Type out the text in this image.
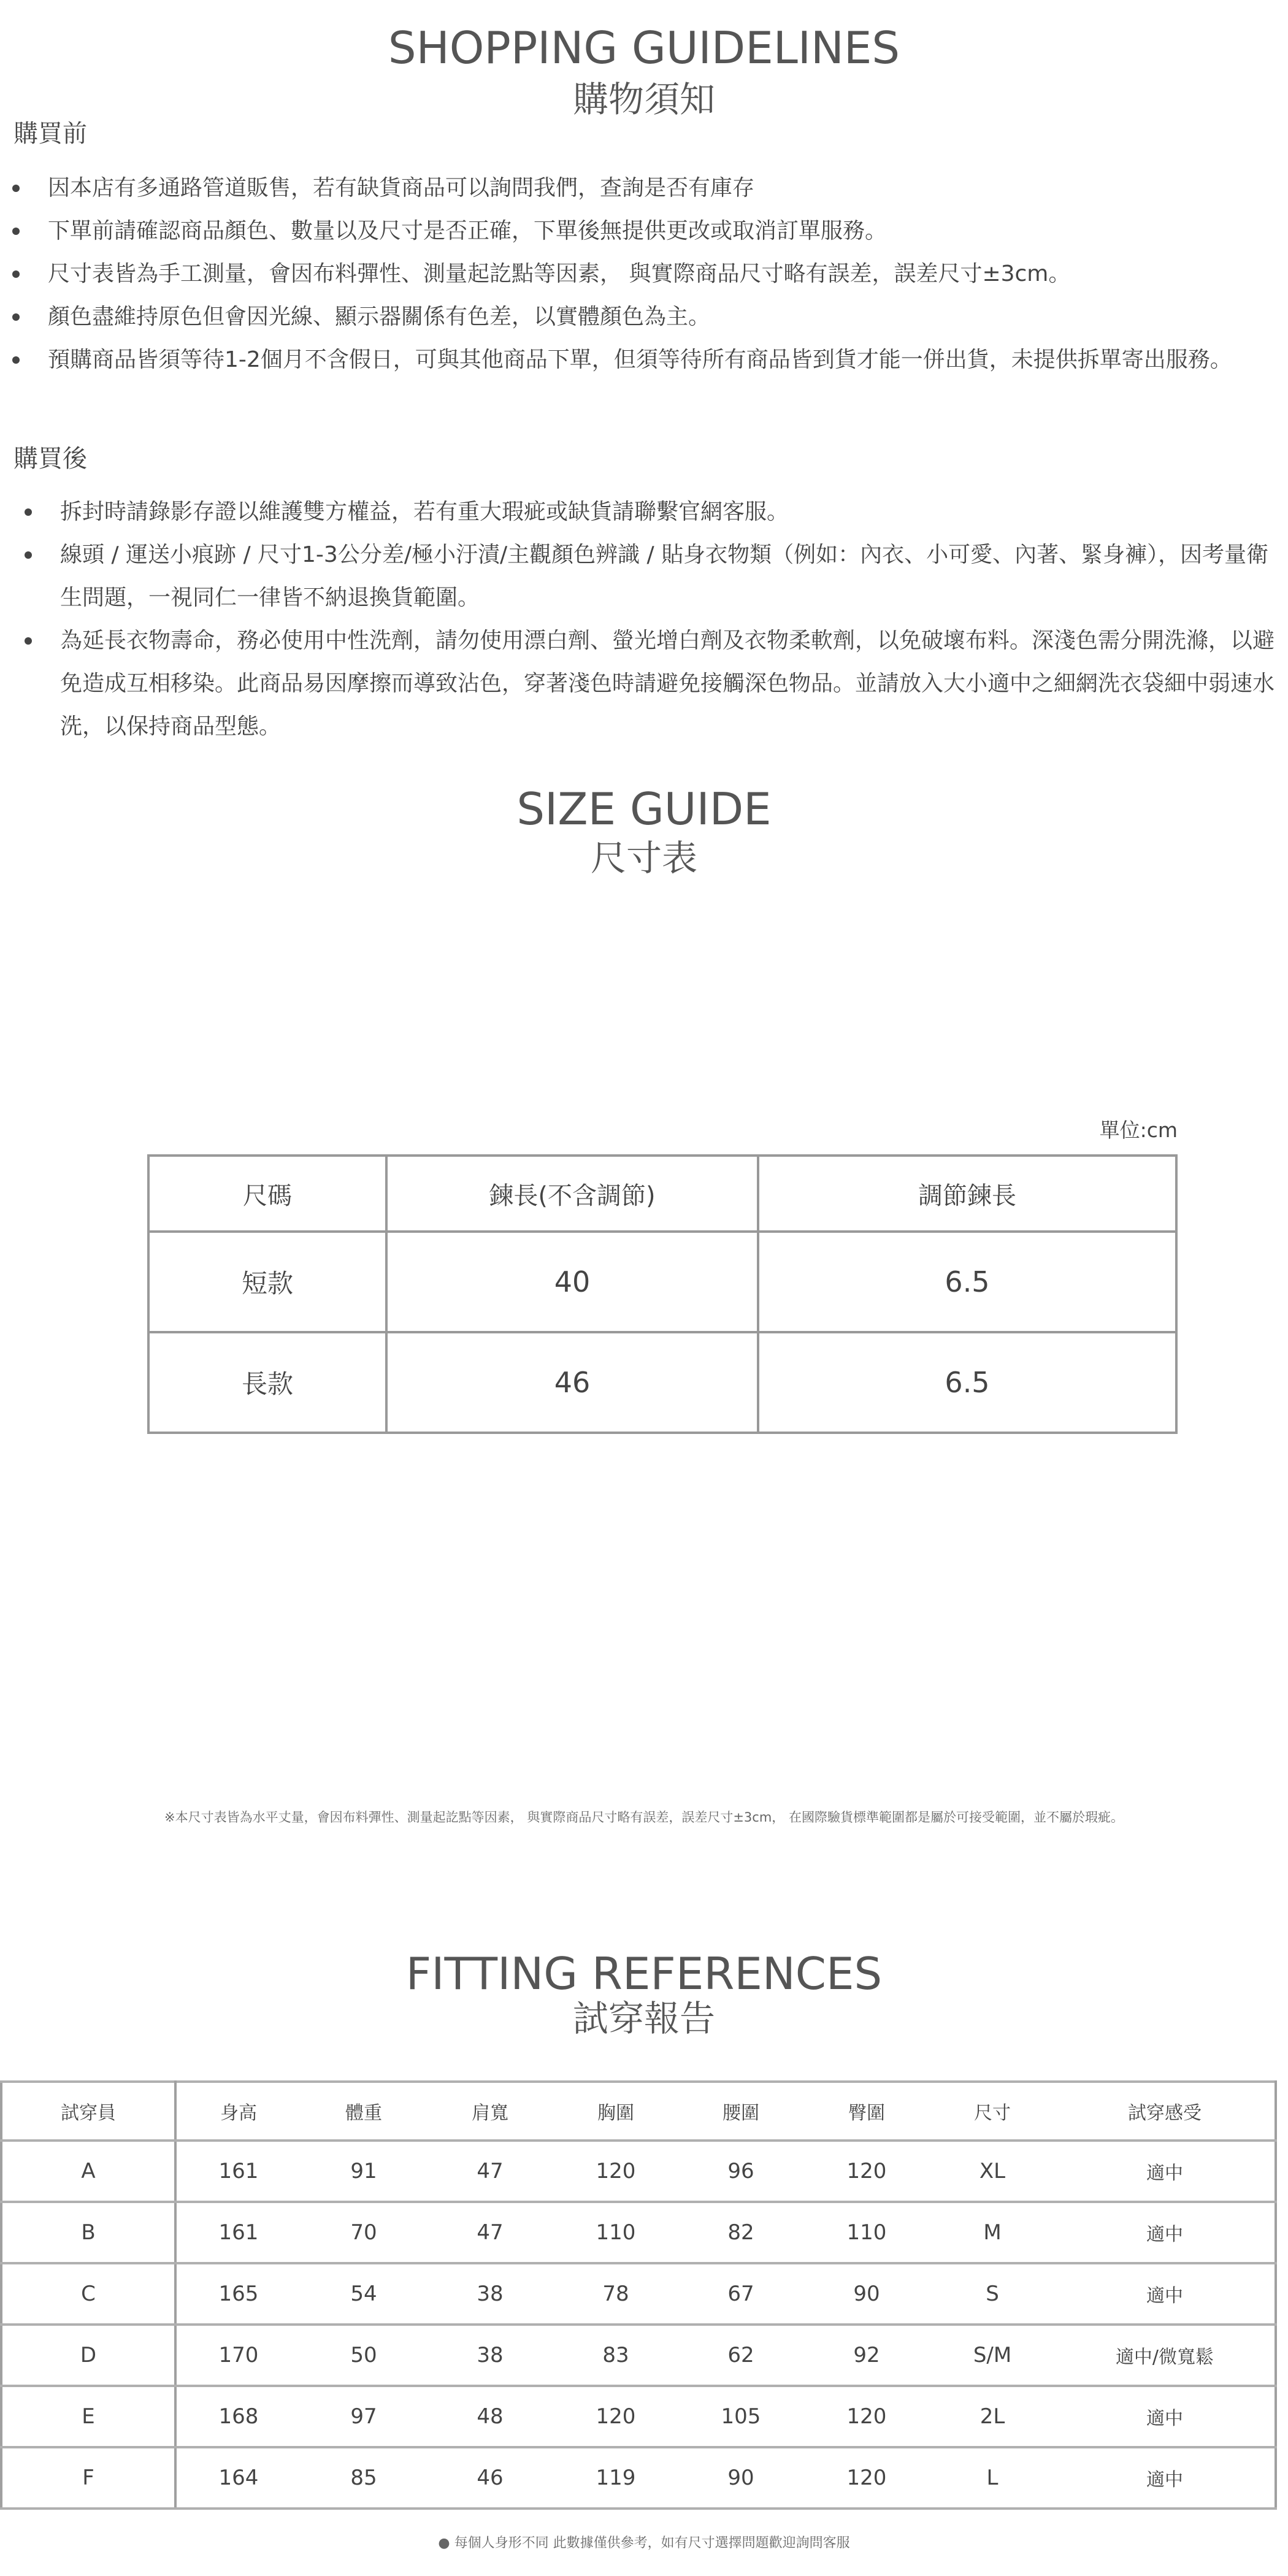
SHOPPING GUIDELINES
購物須知
購買前
因本店有多通路管道販售，若有缺貨商品可以詢問我們，查詢是否有庫存
下單前請確認商品顏色、數量以及尺寸是否正確，下單後無提供更改或取消訂單服務。
尺寸表皆為手工測量，會因布料彈性、測量起訖點等因素， 與實際商品尺寸略有誤差，誤差尺寸±3cm。
顏色盡維持原色但會因光線、顯示器關係有色差，以實體顏色為主。
預購商品皆須等待1-2個月不含假日，可與其他商品下單，但須等待所有商品皆到貨才能一併出貨，未提供拆單寄出服務。
購買後
拆封時請錄影存證以維護雙方權益，若有重大瑕疵或缺貨請聯繫官網客服。
線頭 / 運送小痕跡 / 尺寸1-3公分差/極小汙漬/主觀顏色辨識 / 貼身衣物類（例如：內衣、小可愛、內著、緊身褲），因考量衛生問題，一視同仁一律皆不納退換貨範圍。
為延長衣物壽命，務必使用中性洗劑，請勿使用漂白劑、螢光增白劑及衣物柔軟劑，以免破壞布料。深淺色需分開洗滌，以避免造成互相移染。此商品易因摩擦而導致沾色，穿著淺色時請避免接觸深色物品。並請放入大小適中之細網洗衣袋細中弱速水洗，以保持商品型態。
SIZE GUIDE
尺寸表
單位:cm
尺碼	鍊長(不含調節)	調節鍊長
短款	40	6.5
長款	46	6.5
※本尺寸表皆為水平丈量，會因布料彈性、測量起訖點等因素， 與實際商品尺寸略有誤差，誤差尺寸±3cm， 在國際驗貨標準範圍都是屬於可接受範圍，並不屬於瑕疵。
FITTING REFERENCES
試穿報告
試穿員	身高	體重	肩寬	胸圍	腰圍	臀圍	尺寸	試穿感受
A	161	91	47	120	96	120	XL	適中
B	161	70	47	110	82	110	M	適中
C	165	54	38	78	67	90	S	適中
D	170	50	38	83	62	92	S/M	適中/微寬鬆
E	168	97	48	120	105	120	2L	適中
F	164	85	46	119	90	120	L	適中
● 每個人身形不同 此數據僅供參考，如有尺寸選擇問題歡迎詢問客服
